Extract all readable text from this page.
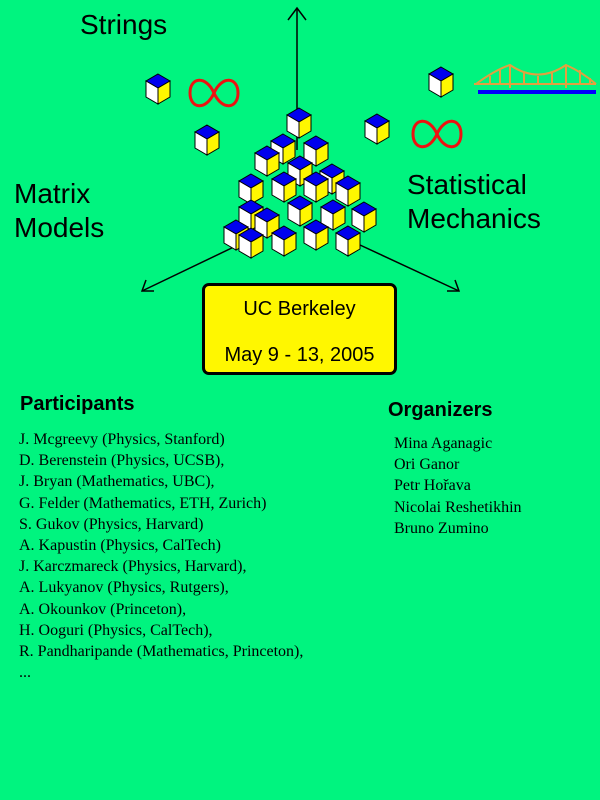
Strings
Matrix Models
Statistical Mechanics
UC Berkeley
May 9 - 13, 2005
Participants
J. Mcgreevy (Physics, Stanford)
D. Berenstein (Physics, UCSB),
J. Bryan (Mathematics, UBC),
G. Felder (Mathematics, ETH, Zurich)
S. Gukov (Physics, Harvard)
A. Kapustin (Physics, CalTech)
J. Karczmareck (Physics, Harvard),
A. Lukyanov (Physics, Rutgers),
A. Okounkov (Princeton),
H. Ooguri (Physics, CalTech),
R. Pandharipande (Mathematics, Princeton),
...
Organizers
Mina Aganagic
Ori Ganor
Petr Hořava
Nicolai Reshetikhin
Bruno Zumino
